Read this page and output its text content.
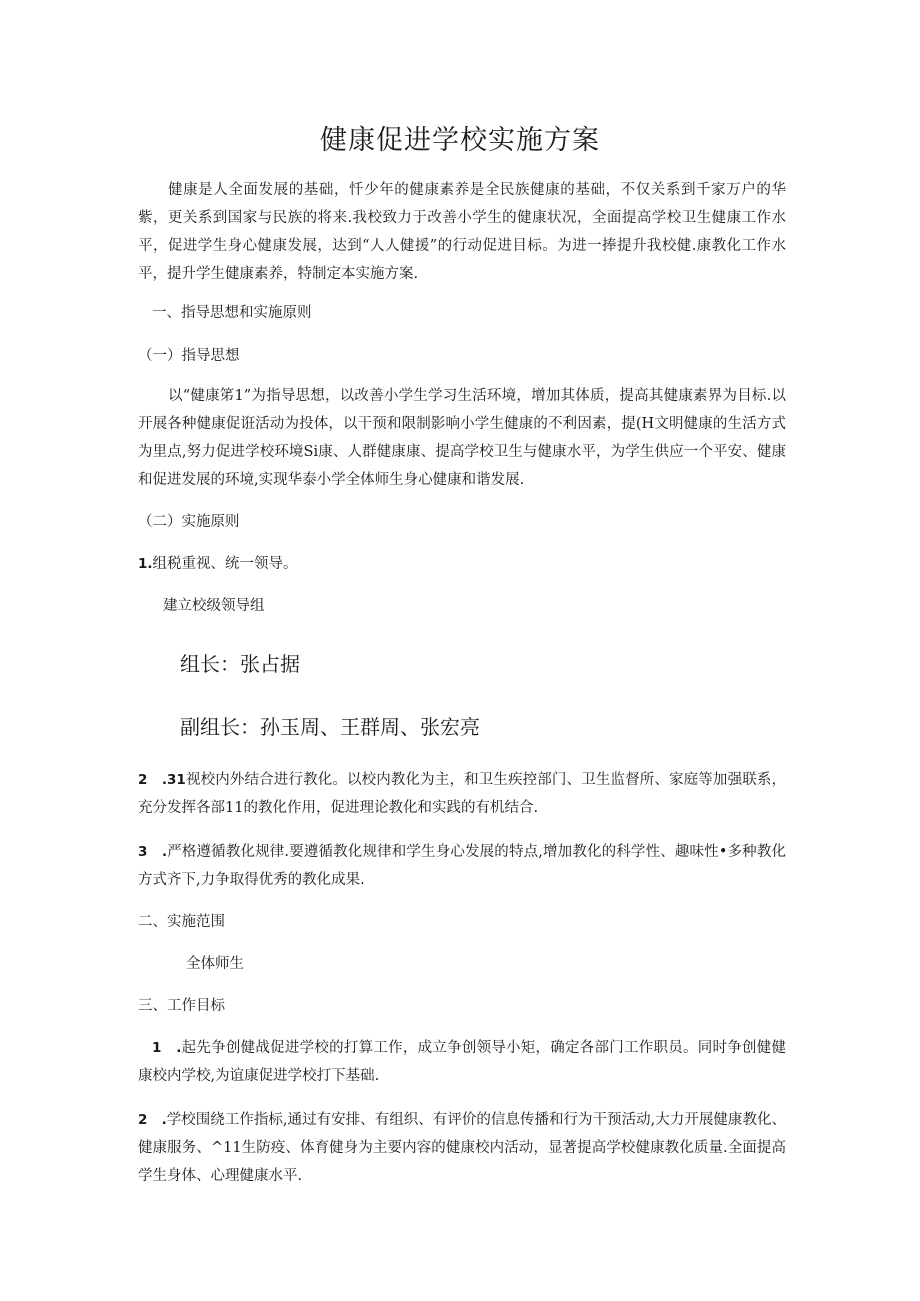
健康促进学校实施方案

健康是人全面发展的基础，忏少年的健康素养是全民族健康的基础，不仅关系到千家万户的华紫，更关系到国家与民族的将来.我校致力于改善小学生的健康状况，全面提高学校卫生健康工作水平，促进学生身心健康发展，达到“人人健援”的行动促进目标。为进一捧提升我校健.康教化工作水平，提升学生健康素养，特制定本实施方案.

一、指导思想和实施原则

（一）指导思想

以“健康笫1”为指导思想，以改善小学生学习生活环境，增加其体质，提高其健康素界为目标.以开展各种健康促诳活动为投体，以干预和限制影响小学生健康的不利因素，提(H文明健康的生活方式为里点,努力促进学校环境Si康、人群健康康、提高学校卫生与健康水平，为学生供应一个平安、健康和促进发展的环境,实现华泰小学全体师生身心健康和谐发展.

（二）实施原则

1.组税重视、统一领导。

建立校级领导组

组长：张占据

副组长：孙玉周、王群周、张宏亮

2   .31视校内外结合进行教化。以校内教化为主，和卫生疾控部门、卫生监督所、家庭等加强联系，充分发挥各部11的教化作用，促进理论教化和实践的有机结合.

3   .严格遵循教化规律.要遵循教化规律和学生身心发展的特点,增加教化的科学性、趣味性•多种教化方式齐下,力争取得优秀的教化成果.

二、实施范围

全体师生

三、工作目标

1   .起先争创健战促进学校的打算工作，成立争创领导小矩，确定各部门工作职员。同时争创健健康校内学校,为谊康促进学校打下基础.

2   .学校围绕工作指标,通过有安排、有组织、有评价的信息传播和行为干预活动,大力开展健康教化、健康服务、^11生防疫、体育健身为主要内容的健康校内活动，显著提高学校健康教化质量.全面提高学生身体、心理健康水平.
